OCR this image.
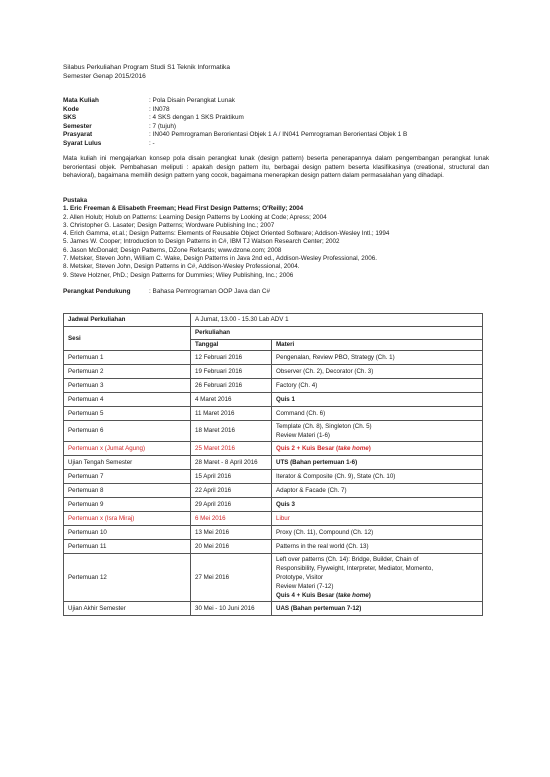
Silabus Perkuliahan Program Studi S1 Teknik Informatika
Semester Genap 2015/2016
Mata Kuliah	: Pola Disain Perangkat Lunak
Kode	: IN078
SKS	: 4 SKS dengan 1 SKS Praktikum
Semester	: 7 (tujuh)
Prasyarat	: IN040 Pemrograman Berorientasi Objek 1 A / IN041 Pemrograman Berorientasi Objek 1 B
Syarat Lulus	: -
Mata kuliah ini mengajarkan konsep pola disain perangkat lunak (design pattern) beserta penerapannya dalam pengembangan perangkat lunak berorientasi objek. Pembahasan meliputi : apakah design pattern itu, berbagai design pattern beserta klasifikasinya (creational, structural dan behavioral), bagaimana memilih design pattern yang cocok, bagaimana menerapkan design pattern dalam permasalahan yang dihadapi.
Pustaka
1. Eric Freeman & Elisabeth Freeman; Head First Design Patterns; O'Reilly; 2004
2. Allen Holub; Holub on Patterns: Learning Design Patterns by Looking at Code; Apress; 2004
3. Christopher G. Lasater; Design Patterns; Wordware Publishing Inc.; 2007
4. Erich Gamma, et.al.; Design Patterns: Elements of Reusable Object Oriented Software; Addison-Wesley Intl.; 1994
5. James W. Cooper; Introduction to Design Patterns in C#, IBM TJ Watson Research Center; 2002
6. Jason McDonald; Design Patterns, DZone Refcards; www.dzone.com; 2008
7. Metsker, Steven John, William C. Wake, Design Patterns in Java 2nd ed., Addison-Wesley Professional, 2006.
8. Metsker, Steven John, Design Patterns in C#, Addison-Wesley Professional, 2004.
9. Steve Holzner, PhD.; Design Patterns for Dummies; Wiley Publishing, Inc.; 2006
Perangkat Pendukung	: Bahasa Pemrograman OOP Java dan C#
Jadwal Perkuliahan	A Jumat, 13.00 - 15.30 Lab ADV 1	
Sesi	Perkuliahan	
	Tanggal	Materi
Pertemuan 1	12 Februari 2016	Pengenalan, Review PBO, Strategy (Ch. 1)
Pertemuan 2	19 Februari 2016	Observer (Ch. 2), Decorator (Ch. 3)
Pertemuan 3	26 Februari 2016	Factory (Ch. 4)
Pertemuan 4	4 Maret 2016	Quis 1
Pertemuan 5	11 Maret 2016	Command (Ch. 6)
Pertemuan 6	18 Maret 2016	Template (Ch. 8), Singleton (Ch. 5)
Review Materi (1-6)

Pertemuan x (Jumat Agung)	25 Maret 2016	Quis 2 + Kuis Besar (take home)
Ujian Tengah Semester	28 Maret - 8 April 2016	UTS (Bahan pertemuan 1-6)
Pertemuan 7	15 April 2016	Iterator & Composite (Ch. 9), State (Ch. 10)
Pertemuan 8	22 April 2016	Adaptor & Facade (Ch. 7)
Pertemuan 9	29 April 2016	Quis 3
Pertemuan x (Isra Miraj)	6 Mei 2016	Libur
Pertemuan 10	13 Mei 2016	Proxy (Ch. 11), Compound (Ch. 12)
Pertemuan 11	20 Mei 2016	Patterns in the real world (Ch. 13)
Pertemuan 12	27 Mei 2016	Left over patterns (Ch. 14): Bridge, Builder, Chain of
Responsibility, Flyweight, Interpreter, Mediator, Momento,
Prototype, Visitor
Review Materi (7-12)
Quis 4 + Kuis Besar (take home)

Ujian Akhir Semester	30 Mei - 10 Juni 2016	UAS (Bahan pertemuan 7-12)
